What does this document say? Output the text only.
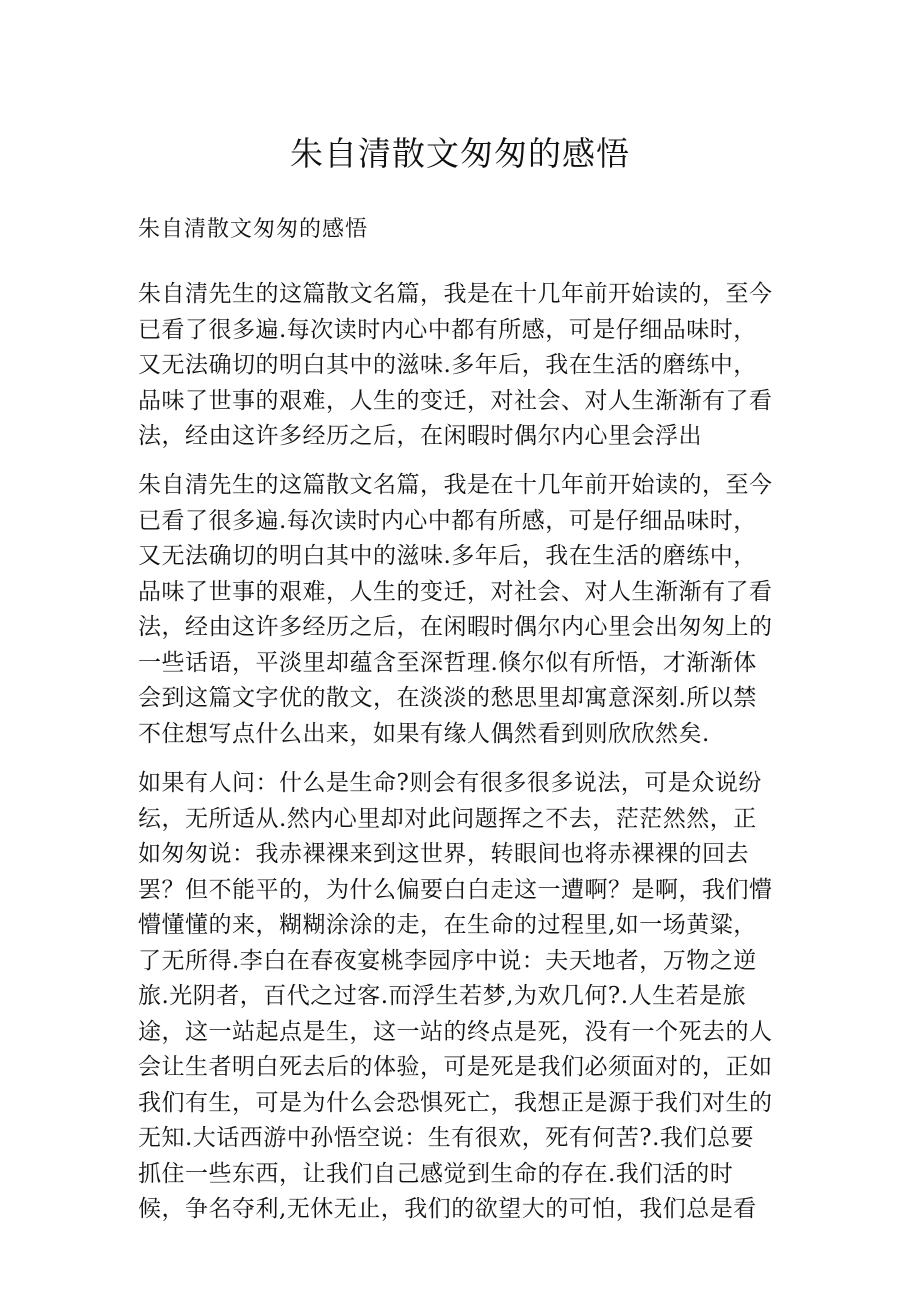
朱自清散文匆匆的感悟

朱自清散文匆匆的感悟

朱自清先生的这篇散文名篇，我是在十几年前开始读的，至今
已看了很多遍.每次读时内心中都有所感，可是仔细品味时，
又无法确切的明白其中的滋味.多年后，我在生活的磨练中，
品味了世事的艰难，人生的变迁，对社会、对人生渐渐有了看
法，经由这许多经历之后，在闲暇时偶尔内心里会浮出

朱自清先生的这篇散文名篇，我是在十几年前开始读的，至今
已看了很多遍.每次读时内心中都有所感，可是仔细品味时，
又无法确切的明白其中的滋味.多年后，我在生活的磨练中，
品味了世事的艰难，人生的变迁，对社会、对人生渐渐有了看
法，经由这许多经历之后，在闲暇时偶尔内心里会出匆匆上的
一些话语，平淡里却蕴含至深哲理.倏尔似有所悟，才渐渐体
会到这篇文字优的散文，在淡淡的愁思里却寓意深刻.所以禁
不住想写点什么出来，如果有缘人偶然看到则欣欣然矣.

如果有人问：什么是生命?则会有很多很多说法，可是众说纷
纭，无所适从.然内心里却对此问题挥之不去，茫茫然然，正
如匆匆说：我赤裸裸来到这世界，转眼间也将赤裸裸的回去
罢？但不能平的，为什么偏要白白走这一遭啊？是啊，我们懵
懵懂懂的来，糊糊涂涂的走，在生命的过程里,如一场黄粱，
了无所得.李白在春夜宴桃李园序中说：夫天地者，万物之逆
旅.光阴者，百代之过客.而浮生若梦,为欢几何?.人生若是旅
途，这一站起点是生，这一站的终点是死，没有一个死去的人
会让生者明白死去后的体验，可是死是我们必须面对的，正如
我们有生，可是为什么会恐惧死亡，我想正是源于我们对生的
无知.大话西游中孙悟空说：生有很欢，死有何苦?.我们总要
抓住一些东西，让我们自己感觉到生命的存在.我们活的时
候，争名夺利,无休无止，我们的欲望大的可怕，我们总是看
